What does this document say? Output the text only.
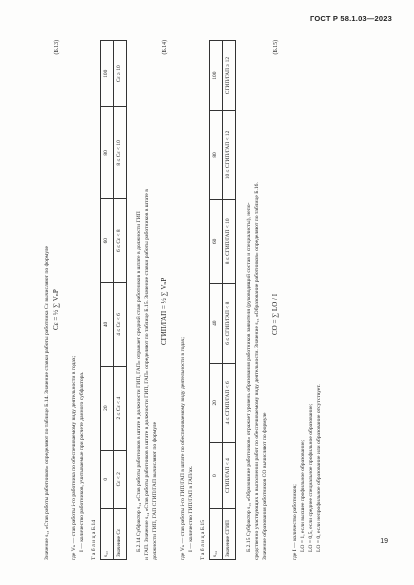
ГОСТ Р 58.1.03—2023

Значение s₁₃ «Став работы работников» определяют по таблице Б.14. Значение ставки работы работника Cε вычисляют по формуле Cε = ½ ∑ VₙP
(Б.13)

где Vₙ — став работы i-го работника по обеспечиваемому виду деятельности в годах; I — количество работников, учитываемые при расчете данного субфактора. Т а б л и ц а Б.14 s₁₃	0	20	40	60	80	100
Значение Cε	Cε < 2	2 ≤ Cε < 4	4 ≤ Cε < 6	6 ≤ Cε < 8	8 ≤ Cε < 10	Cε ≥ 10

Б.2.14 Субфактор s₁₄ «Став работы работников в штате в должности ГИП, ГАП» отражает средний стаж работников в штате в должности ГИП и ГАП. Значение s₁₄ «Став работы работников в штате в должности ГИП, ГАП» определяют по таблице Б.15. Значение ставки работы работников в штате в должности ГИП, ГАП CΓИП/ГАП вычисляют по формуле

CΓИП/ГАП = ½ ∑ VₙP
(Б.14)

где Vₙ — став работы i-го ГИП/ГАП в штате по обеспечиваемому виду деятельности в годах; I — количество ГИП/ГАП в ГАП/ах. Т а б л и ц а Б.15 s₁₄	0	20	40	60	80	100
Значение CΓИП	CΓИП/ГАП < 4	4 ≤ CΓИП/ГАП < 6	6 ≤ CΓИП/ГАП < 8	8 ≤ CΓИП/ГАП < 10	10 ≤ CΓИП/ГАП < 12	CΓИП/ГАП ≥ 12

Б.2.15 Субфактор s₁₅ «Образование работников» отражает уровень образования работников заявителя (руководящий состав и специалисты), непо- средственно участвующих в выполнении работ по обеспечиваемому виду деятельности. Значение s₁₅ «Образование работников» определяют по таблице Б.16. Значение образования работников CО вычисляют по формуле

CО = ∑ LО / I
(Б.15)

где I — количество работников; LО = 1, если высшее профильное образование; LО = 0,5, если среднее специальное профильное образование; LО = 0, если непрофильное образование или образование отсутствует.	19
